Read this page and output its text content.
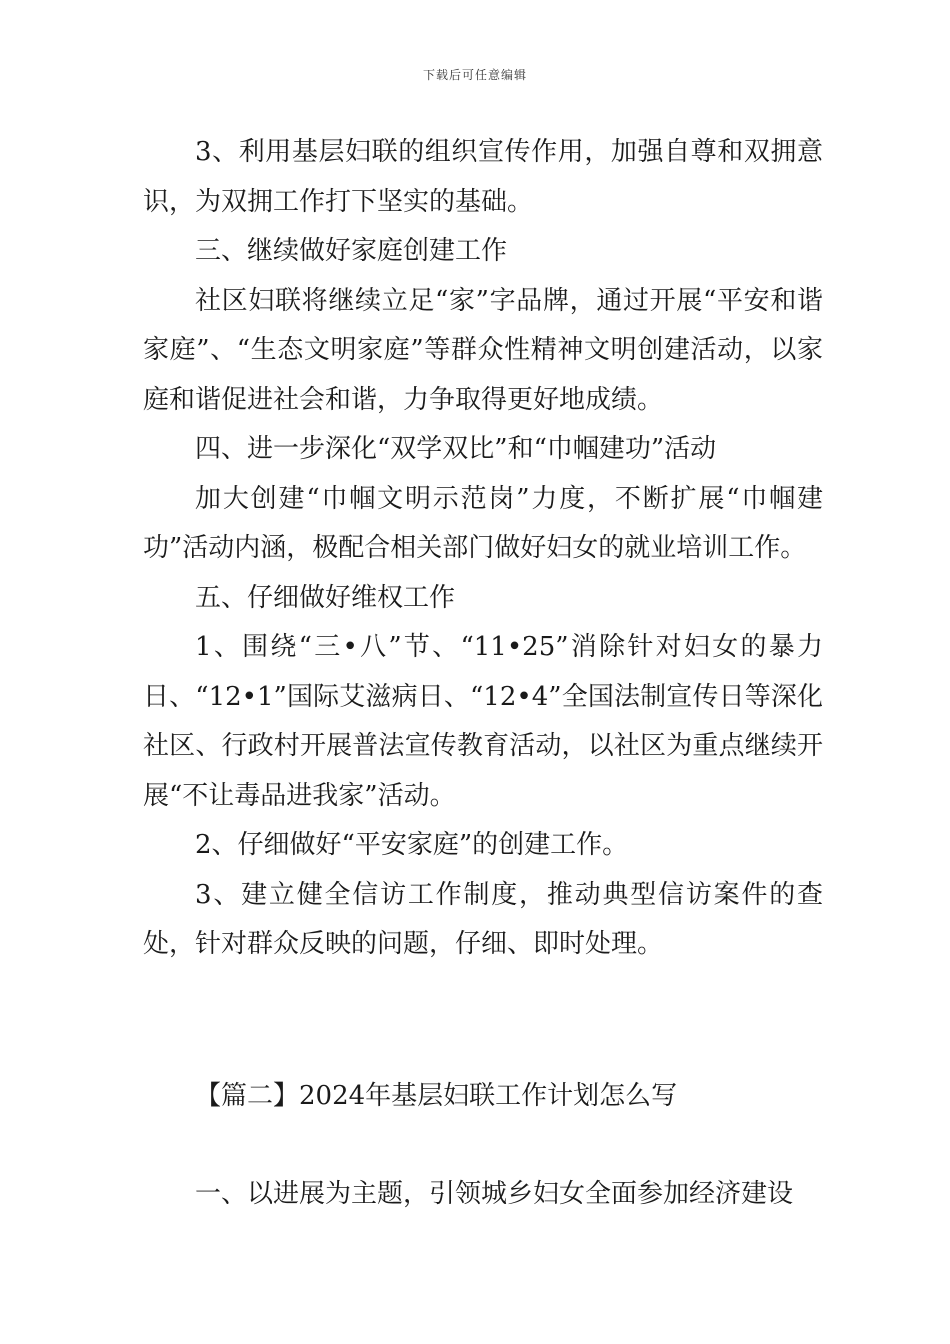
下载后可任意编辑

3、利用基层妇联的组织宣传作用，加强自尊和双拥意识，为双拥工作打下坚实的基础。

三、继续做好家庭创建工作

社区妇联将继续立足“家”字品牌，通过开展“平安和谐家庭”、“生态文明家庭”等群众性精神文明创建活动，以家庭和谐促进社会和谐，力争取得更好地成绩。

四、进一步深化“双学双比”和“巾帼建功”活动

加大创建“巾帼文明示范岗”力度，不断扩展“巾帼建功”活动内涵，极配合相关部门做好妇女的就业培训工作。

五、仔细做好维权工作

1、围绕“三•八”节、“11•25”消除针对妇女的暴力日、“12•1”国际艾滋病日、“12•4”全国法制宣传日等深化社区、行政村开展普法宣传教育活动，以社区为重点继续开展“不让毒品进我家”活动。

2、仔细做好“平安家庭”的创建工作。

3、建立健全信访工作制度，推动典型信访案件的查处，针对群众反映的问题，仔细、即时处理。

【篇二】2024年基层妇联工作计划怎么写
一、以进展为主题，引领城乡妇女全面参加经济建设
